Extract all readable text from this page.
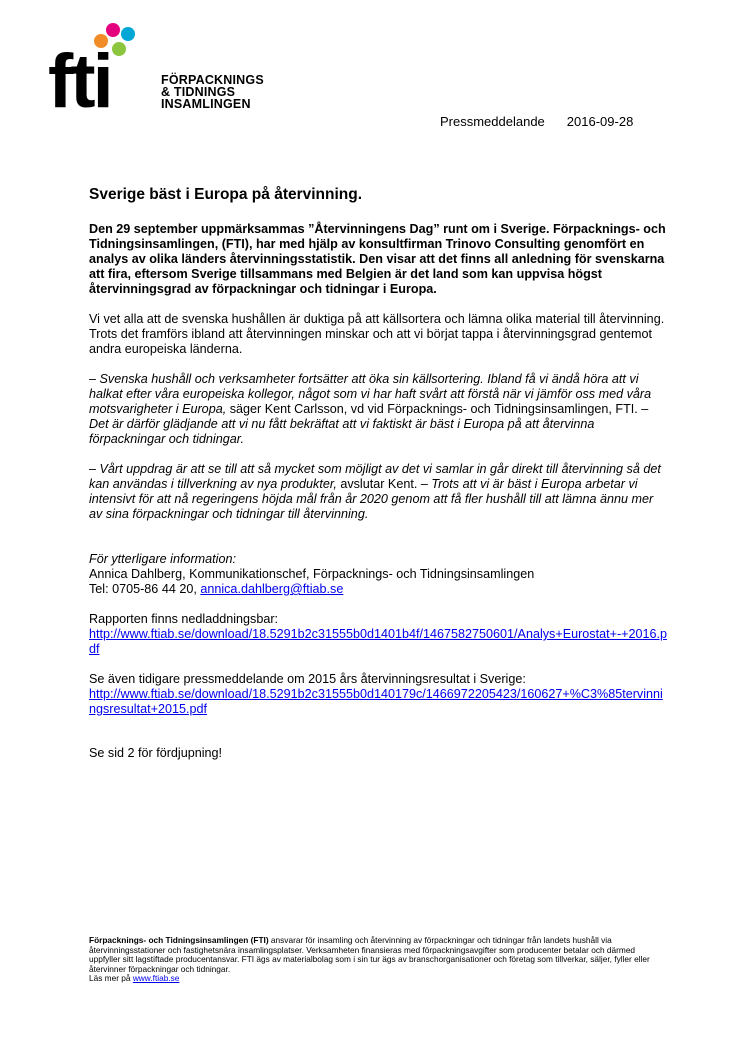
fti	FÖRPACKNINGS
& TIDNINGS
INSAMLINGEN
Pressmeddelande 2016-09-28
Sverige bäst i Europa på återvinning.

Den 29 september uppmärksammas ”Återvinningens Dag” runt om i Sverige. Förpacknings- och Tidningsinsamlingen, (FTI), har med hjälp av konsultfirman Trinovo Consulting genomfört en analys av olika länders återvinningsstatistik. Den visar att det finns all anledning för svenskarna att fira, eftersom Sverige tillsammans med Belgien är det land som kan uppvisa högst återvinningsgrad av förpackningar och tidningar i Europa.

Vi vet alla att de svenska hushållen är duktiga på att källsortera och lämna olika material till återvinning. Trots det framförs ibland att återvinningen minskar och att vi börjat tappa i återvinningsgrad gentemot andra europeiska länderna.

– Svenska hushåll och verksamheter fortsätter att öka sin källsortering. Ibland få vi ändå höra att vi halkat efter våra europeiska kollegor, något som vi har haft svårt att förstå när vi jämför oss med våra motsvarigheter i Europa, säger Kent Carlsson, vd vid Förpacknings- och Tidningsinsamlingen, FTI. – Det är därför glädjande att vi nu fått bekräftat att vi faktiskt är bäst i Europa på att återvinna förpackningar och tidningar.

– Vårt uppdrag är att se till att så mycket som möjligt av det vi samlar in går direkt till återvinning så det kan användas i tillverkning av nya produkter, avslutar Kent. – Trots att vi är bäst i Europa arbetar vi intensivt för att nå regeringens höjda mål från år 2020 genom att få fler hushåll till att lämna ännu mer av sina förpackningar och tidningar till återvinning.

För ytterligare information:
Annica Dahlberg, Kommunikationschef, Förpacknings- och Tidningsinsamlingen
Tel: 0705-86 44 20, annica.dahlberg@ftiab.se

Rapporten finns nedladdningsbar:
http://www.ftiab.se/download/18.5291b2c31555b0d1401b4f/1467582750601/Analys+Eurostat+-+2016.pdf

Se även tidigare pressmeddelande om 2015 års återvinningsresultat i Sverige:
http://www.ftiab.se/download/18.5291b2c31555b0d140179c/1466972205423/160627+%C3%85tervinningsresultat+2015.pdf

Se sid 2 för fördjupning!

Förpacknings- och Tidningsinsamlingen (FTI) ansvarar för insamling och återvinning av förpackningar och tidningar från landets hushåll via återvinningsstationer och fastighetsnära insamlingsplatser. Verksamheten finansieras med förpackningsavgifter som producenter betalar och därmed uppfyller sitt lagstiftade producentansvar. FTI ägs av materialbolag som i sin tur ägs av branschorganisationer och företag som tillverkar, säljer, fyller eller återvinner förpackningar och tidningar.
Läs mer på www.ftiab.se
